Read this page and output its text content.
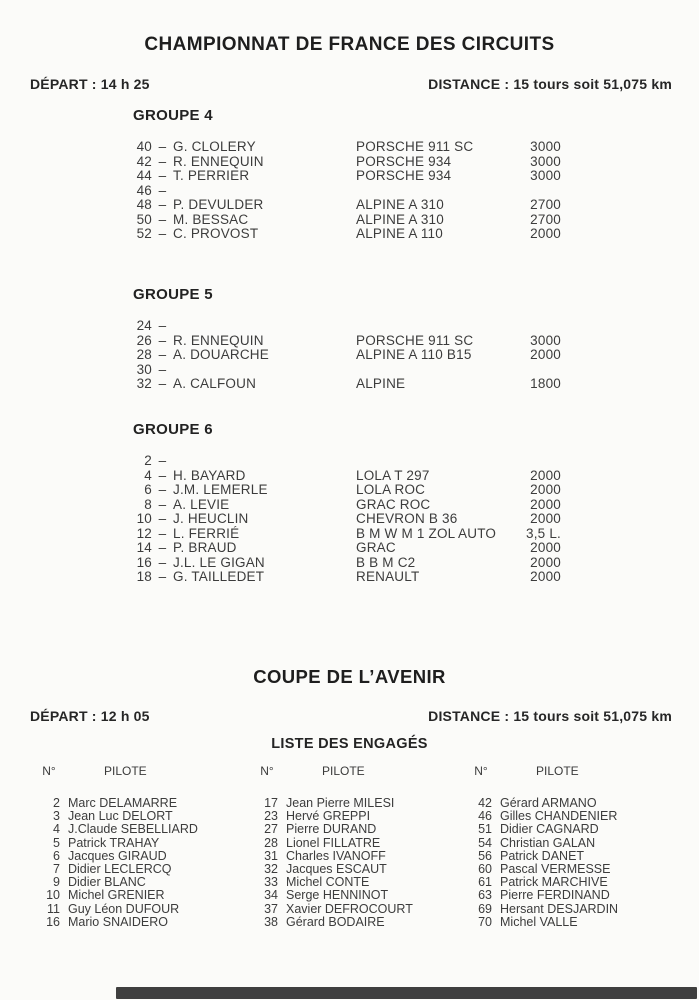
CHAMPIONNAT DE FRANCE DES CIRCUITS
DÉPART : 14 h 25	DISTANCE : 15 tours soit 51,075 km
GROUPE 4
40 – G. CLOLERY	PORSCHE 911 SC	3000
42 – R. ENNEQUIN	PORSCHE 934	3000
44 – T. PERRIER	PORSCHE 934	3000
46 –
48 – P. DEVULDER	ALPINE A 310	2700
50 – M. BESSAC	ALPINE A 310	2700
52 – C. PROVOST	ALPINE A 110	2000
GROUPE 5
24 –
26 – R. ENNEQUIN	PORSCHE 911 SC	3000
28 – A. DOUARCHE	ALPINE A 110 B15	2000
30 –
32 – A. CALFOUN	ALPINE	1800
GROUPE 6
2 –
4 – H. BAYARD	LOLA T 297	2000
6 – J.M. LEMERLE	LOLA ROC	2000
8 – A. LEVIE	GRAC ROC	2000
10 – J. HEUCLIN	CHEVRON B 36	2000
12 – L. FERRIÉ	B M W M 1 ZOL AUTO	3,5 L.
14 – P. BRAUD	GRAC	2000
16 – J.L. LE GIGAN	B B M C2	2000
18 – G. TAILLEDET	RENAULT	2000
COUPE DE L’AVENIR
DÉPART : 12 h 05	DISTANCE : 15 tours soit 51,075 km
LISTE DES ENGAGÉS
N°	PILOTE
2 Marc DELAMARRE
3 Jean Luc DELORT
4 J.Claude SEBELLIARD
5 Patrick TRAHAY
6 Jacques GIRAUD
7 Didier LECLERCQ
9 Didier BLANC
10 Michel GRENIER
11 Guy Léon DUFOUR
16 Mario SNAIDERO
N°	PILOTE
17 Jean Pierre MILESI
23 Hervé GREPPI
27 Pierre DURAND
28 Lionel FILLATRE
31 Charles IVANOFF
32 Jacques ESCAUT
33 Michel CONTE
34 Serge HENNINOT
37 Xavier DEFROCOURT
38 Gérard BODAIRE
N°	PILOTE
42 Gérard ARMANO
46 Gilles CHANDENIER
51 Didier CAGNARD
54 Christian GALAN
56 Patrick DANET
60 Pascal VERMESSE
61 Patrick MARCHIVE
63 Pierre FERDINAND
69 Hersant DESJARDIN
70 Michel VALLE
